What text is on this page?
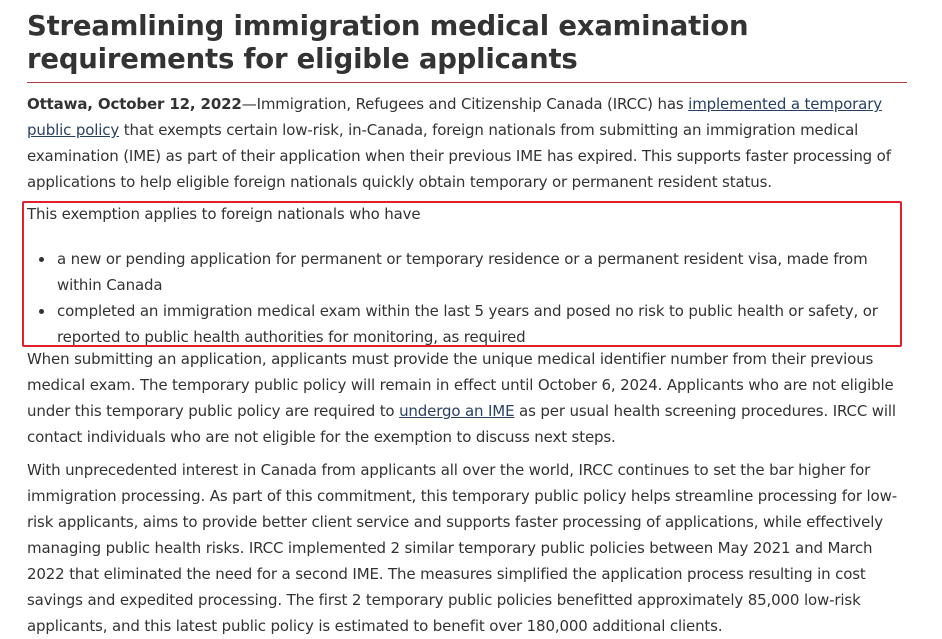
Streamlining immigration medical examination requirements for eligible applicants

Ottawa, October 12, 2022—Immigration, Refugees and Citizenship Canada (IRCC) has implemented a temporary public policy that exempts certain low-risk, in-Canada, foreign nationals from submitting an immigration medical examination (IME) as part of their application when their previous IME has expired. This supports faster processing of applications to help eligible foreign nationals quickly obtain temporary or permanent resident status.

This exemption applies to foreign nationals who have

a new or pending application for permanent or temporary residence or a permanent resident visa, made from within Canada
completed an immigration medical exam within the last 5 years and posed no risk to public health or safety, or reported to public health authorities for monitoring, as required

When submitting an application, applicants must provide the unique medical identifier number from their previous medical exam. The temporary public policy will remain in effect until October 6, 2024. Applicants who are not eligible under this temporary public policy are required to undergo an IME as per usual health screening procedures. IRCC will contact individuals who are not eligible for the exemption to discuss next steps.

With unprecedented interest in Canada from applicants all over the world, IRCC continues to set the bar higher for immigration processing. As part of this commitment, this temporary public policy helps streamline processing for low-risk applicants, aims to provide better client service and supports faster processing of applications, while effectively managing public health risks. IRCC implemented 2 similar temporary public policies between May 2021 and March 2022 that eliminated the need for a second IME. The measures simplified the application process resulting in cost savings and expedited processing. The first 2 temporary public policies benefitted approximately 85,000 low-risk applicants, and this latest public policy is estimated to benefit over 180,000 additional clients.
